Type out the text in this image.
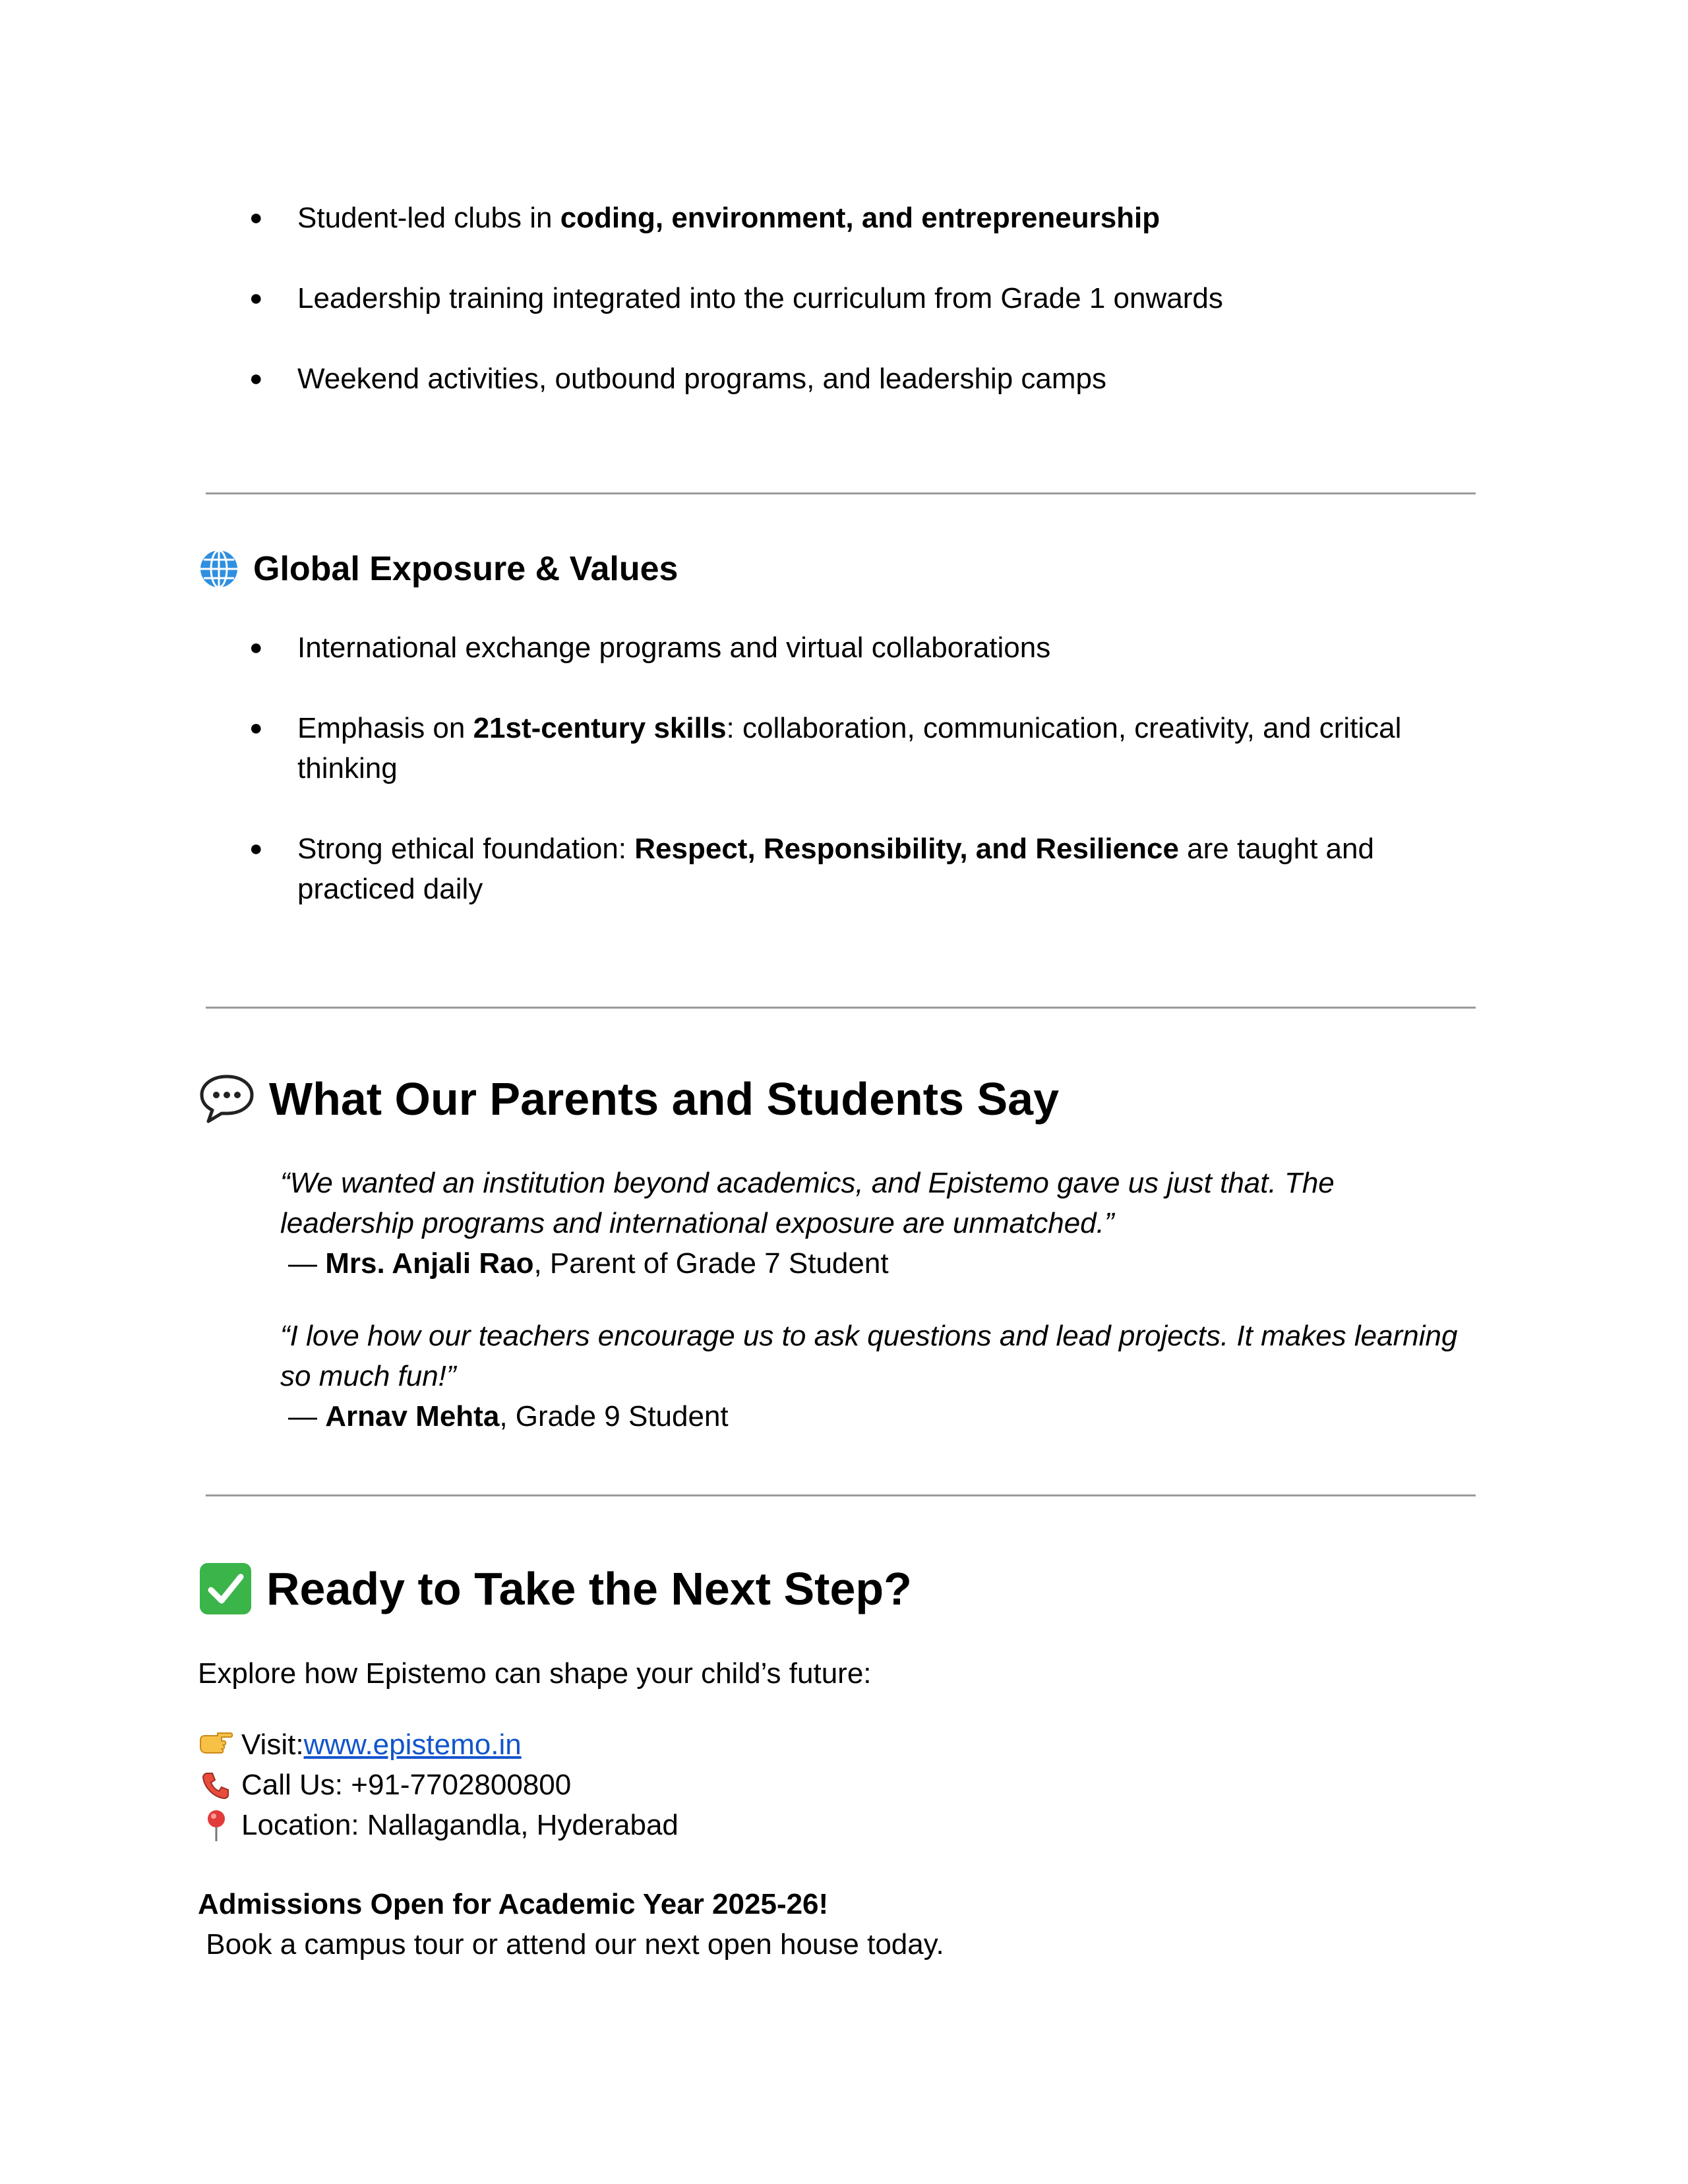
● Student-led clubs in coding, environment, and entrepreneurship
● Leadership training integrated into the curriculum from Grade 1 onwards
● Weekend activities, outbound programs, and leadership camps
Global Exposure & Values
● International exchange programs and virtual collaborations
● Emphasis on 21st-century skills: collaboration, communication, creativity, and critical thinking
● Strong ethical foundation: Respect, Responsibility, and Resilience are taught and practiced daily
What Our Parents and Students Say
“We wanted an institution beyond academics, and Epistemo gave us just that. The leadership programs and international exposure are unmatched.”
— Mrs. Anjali Rao, Parent of Grade 7 Student
“I love how our teachers encourage us to ask questions and lead projects. It makes learning so much fun!”
— Arnav Mehta, Grade 9 Student
Ready to Take the Next Step?
Explore how Epistemo can shape your child’s future:
Visit: www.epistemo.in
Call Us: +91-7702800800
Location: Nallagandla, Hyderabad
Admissions Open for Academic Year 2025-26!
Book a campus tour or attend our next open house today.
